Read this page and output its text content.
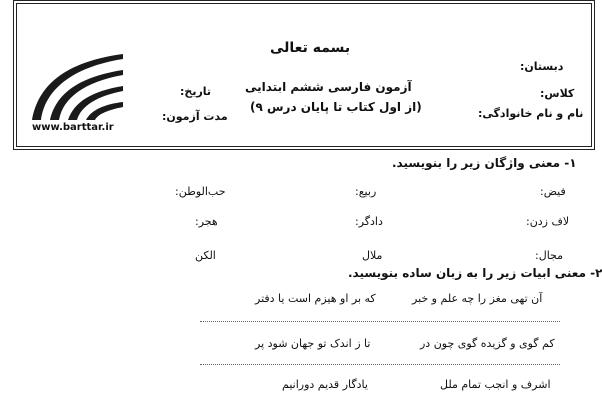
بسمه تعالی
آزمون فارسی ششم ابتدایی
(از اول کتاب تا پایان درس ۹)
دبستان:
کلاس:
نام و نام خانوادگی:
تاریخ:
مدت آزمون:
www.barttar.ir
۱- معنی واژگان زیر را بنویسید.
فیض:
ربیع:
حب‌الوطن:
لاف زدن:
دادگر:
هجر:
مجال:
ملال
الکن
۲- معنی ابیات زیر را به زبان ساده بنویسید.
آن تهی مغز را چه علم و خبر
که بر او هیزم است یا دفتر
کم گوی و گزیده گوی چون در
تا ز اندک تو جهان شود پر
اشرف و انجب تمام ملل
یادگار قدیم دورانیم
